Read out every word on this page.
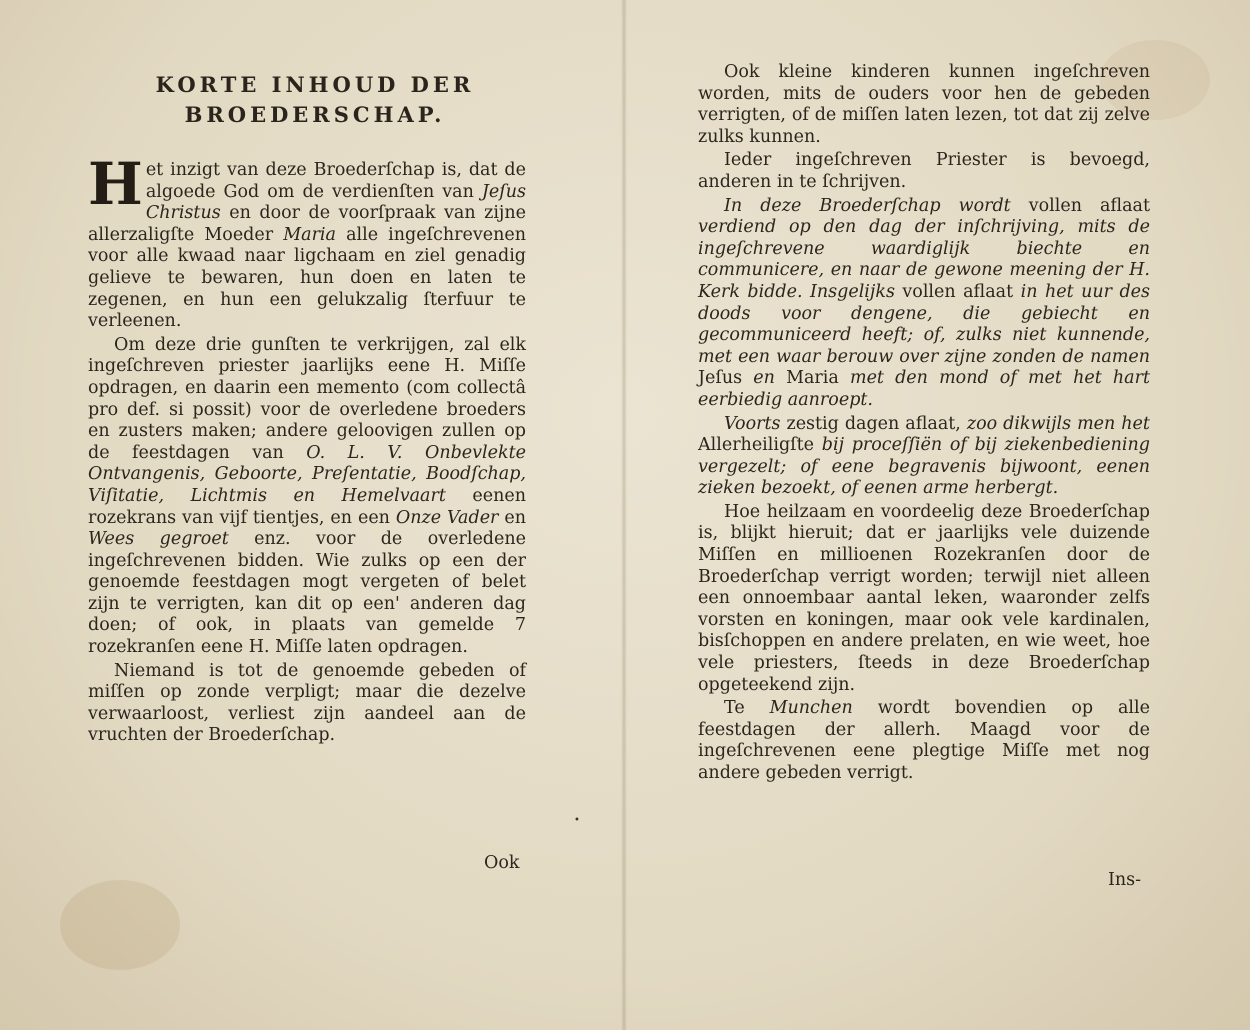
KORTE INHOUD DER
BROEDERSCHAP.

Het inzigt van deze Broederſchap is, dat de algoede God om de verdienſten van Jeſus Christus en door de voorſpraak van zijne allerzaligſte Moeder Maria alle ingeſchrevenen voor alle kwaad naar ligchaam en ziel genadig gelieve te bewaren, hun doen en laten te zegenen, en hun een gelukzalig ſterfuur te verleenen.

Om deze drie gunſten te verkrijgen, zal elk ingeſchreven priester jaarlijks eene H. Miſſe opdragen, en daarin een memento (com collectâ pro def. si possit) voor de overledene broeders en zusters maken; andere geloovigen zullen op de feestdagen van O. L. V. Onbevlekte Ontvangenis, Geboorte, Preſentatie, Boodſchap, Viſitatie, Lichtmis en Hemelvaart eenen rozekrans van vijf tientjes, en een Onze Vader en Wees gegroet enz. voor de overledene ingeſchrevenen bidden. Wie zulks op een der genoemde feestdagen mogt vergeten of belet zijn te verrigten, kan dit op een' anderen dag doen; of ook, in plaats van gemelde 7 rozekranſen eene H. Miſſe laten opdragen.

Niemand is tot de genoemde gebeden of miſſen op zonde verpligt; maar die dezelve verwaarloost, verliest zijn aandeel aan de vruchten der Broederſchap.

Ook
•

Ook kleine kinderen kunnen ingeſchreven worden, mits de ouders voor hen de gebeden verrigten, of de miſſen laten lezen, tot dat zij zelve zulks kunnen.

Ieder ingeſchreven Priester is bevoegd, anderen in te ſchrijven.

In deze Broederſchap wordt vollen aflaat verdiend op den dag der inſchrijving, mits de ingeſchrevene waardiglijk biechte en communicere, en naar de gewone meening der H. Kerk bidde. Insgelijks vollen aflaat in het uur des doods voor dengene, die gebiecht en gecommuniceerd heeft; of, zulks niet kunnende, met een waar berouw over zijne zonden de namen Jeſus en Maria met den mond of met het hart eerbiedig aanroept.

Voorts zestig dagen aflaat, zoo dikwijls men het Allerheiligſte bij proceſſiën of bij ziekenbediening vergezelt; of eene begravenis bijwoont, eenen zieken bezoekt, of eenen arme herbergt.

Hoe heilzaam en voordeelig deze Broederſchap is, blijkt hieruit; dat er jaarlijks vele duizende Miſſen en millioenen Rozekranſen door de Broederſchap verrigt worden; terwijl niet alleen een onnoembaar aantal leken, waaronder zelfs vorsten en koningen, maar ook vele kardinalen, bisſchoppen en andere prelaten, en wie weet, hoe vele priesters, ſteeds in deze Broederſchap opgeteekend zijn.

Te Munchen wordt bovendien op alle feestdagen der allerh. Maagd voor de ingeſchrevenen eene plegtige Miſſe met nog andere gebeden verrigt.

Ins-
